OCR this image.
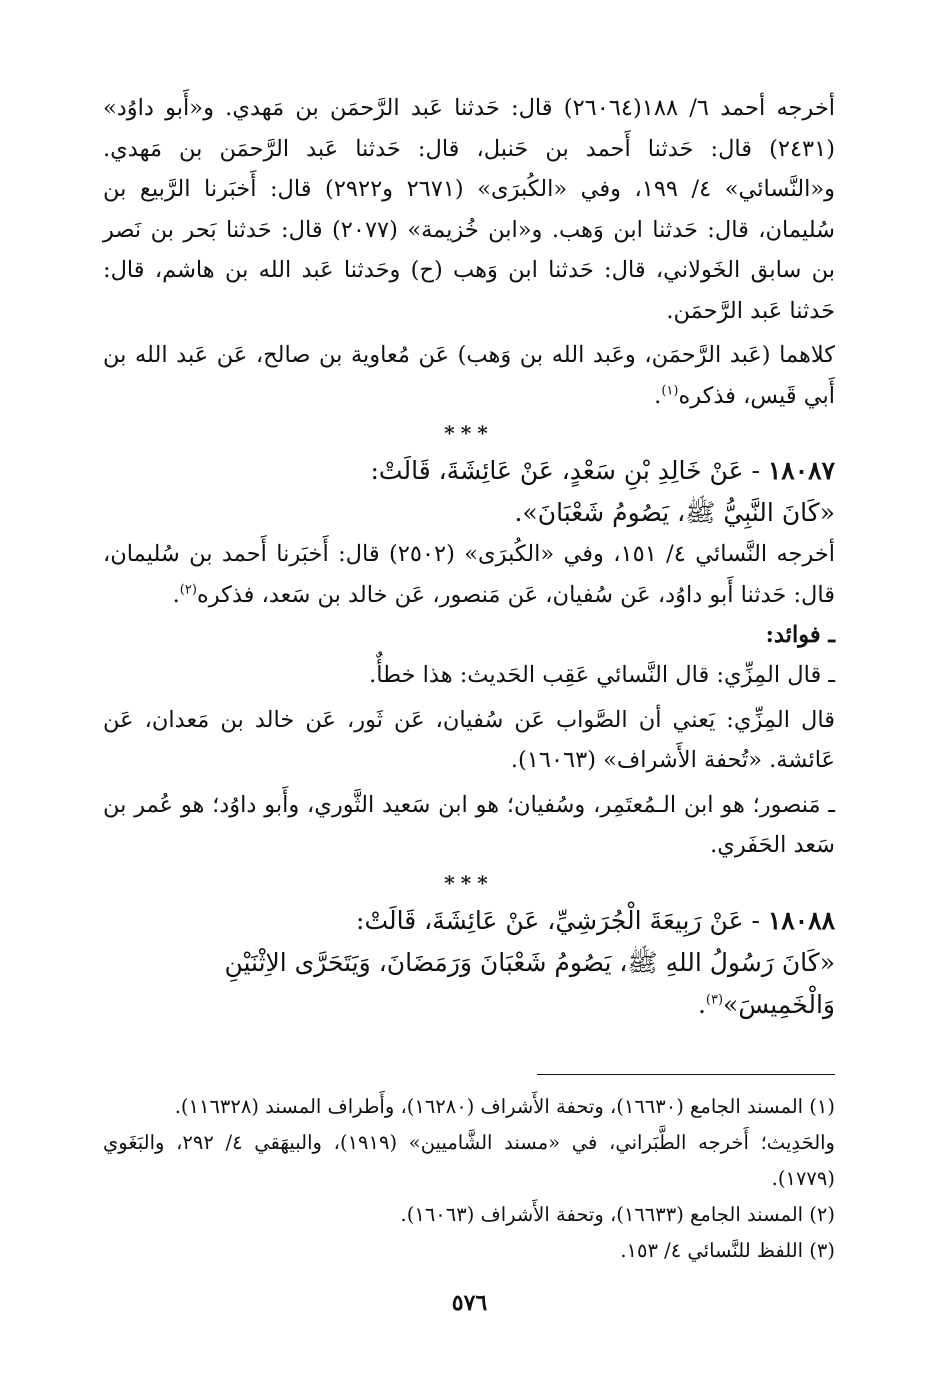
أخرجه أحمد ٦/ ١٨٨(٢٦٠٦٤) قال: حَدثنا عَبد الرَّحمَن بن مَهدي. و«أَبو داوُد» (٢٤٣١) قال: حَدثنا أَحمد بن حَنبل، قال: حَدثنا عَبد الرَّحمَن بن مَهدي. و«النَّسائي» ٤/ ١٩٩، وفي «الكُبرَى» (٢٦٧١ و٢٩٢٢) قال: أَخبَرنا الرَّبيع بن سُليمان، قال: حَدثنا ابن وَهب. و«ابن خُزيمة» (٢٠٧٧) قال: حَدثنا بَحر بن نَصر بن سابق الخَولاني، قال: حَدثنا ابن وَهب (ح) وحَدثنا عَبد الله بن هاشم، قال: حَدثنا عَبد الرَّحمَن.

كلاهما (عَبد الرَّحمَن، وعَبد الله بن وَهب) عَن مُعاوية بن صالح، عَن عَبد الله بن أَبي قَيس، فذكره$^{(١)}$.

***

١٨٠٨٧ - عَنْ خَالِدِ بْنِ سَعْدٍ، عَنْ عَائِشَةَ، قَالَتْ:

«كَانَ النَّبِيُّ ﷺ، يَصُومُ شَعْبَانَ».

أخرجه النَّسائي ٤/ ١٥١، وفي «الكُبرَى» (٢٥٠٢) قال: أَخبَرنا أَحمد بن سُليمان، قال: حَدثنا أَبو داوُد، عَن سُفيان، عَن مَنصور، عَن خالد بن سَعد، فذكره$^{(٢)}$.

ـ فوائد:

ـ قال المِزِّي: قال النَّسائي عَقِب الحَديث: هذا خطأٌ.

قال المِزِّي: يَعني أن الصَّواب عَن سُفيان، عَن ثَور، عَن خالد بن مَعدان، عَن عَائشة. «تُحفة الأَشراف» (١٦٠٦٣).

ـ مَنصور؛ هو ابن الـمُعتَمِر، وسُفيان؛ هو ابن سَعيد الثَّوري، وأَبو داوُد؛ هو عُمر بن سَعد الحَفَري.

***

١٨٠٨٨ - عَنْ رَبِيعَةَ الْجُرَشِيِّ، عَنْ عَائِشَةَ، قَالَتْ:

«كَانَ رَسُولُ اللهِ ﷺ، يَصُومُ شَعْبَانَ وَرَمَضَانَ، وَيَتَحَرَّى الاِثْنَيْنِ وَالْخَمِيسَ»$^{(٣)}$.

(١) المسند الجامع (١٦٦٣٠)، وتحفة الأَشراف (١٦٢٨٠)، وأَطراف المسند (١١٦٣٢٨).

والحَدِيث؛ أَخرجه الطَّبَراني، في «مسند الشَّاميين» (١٩١٩)، والبيهَقي ٤/ ٢٩٢، والبَغَوي (١٧٧٩).

(٢) المسند الجامع (١٦٦٣٣)، وتحفة الأَشراف (١٦٠٦٣).

(٣) اللفظ للنَّسائي ٤/ ١٥٣.

٥٧٦
